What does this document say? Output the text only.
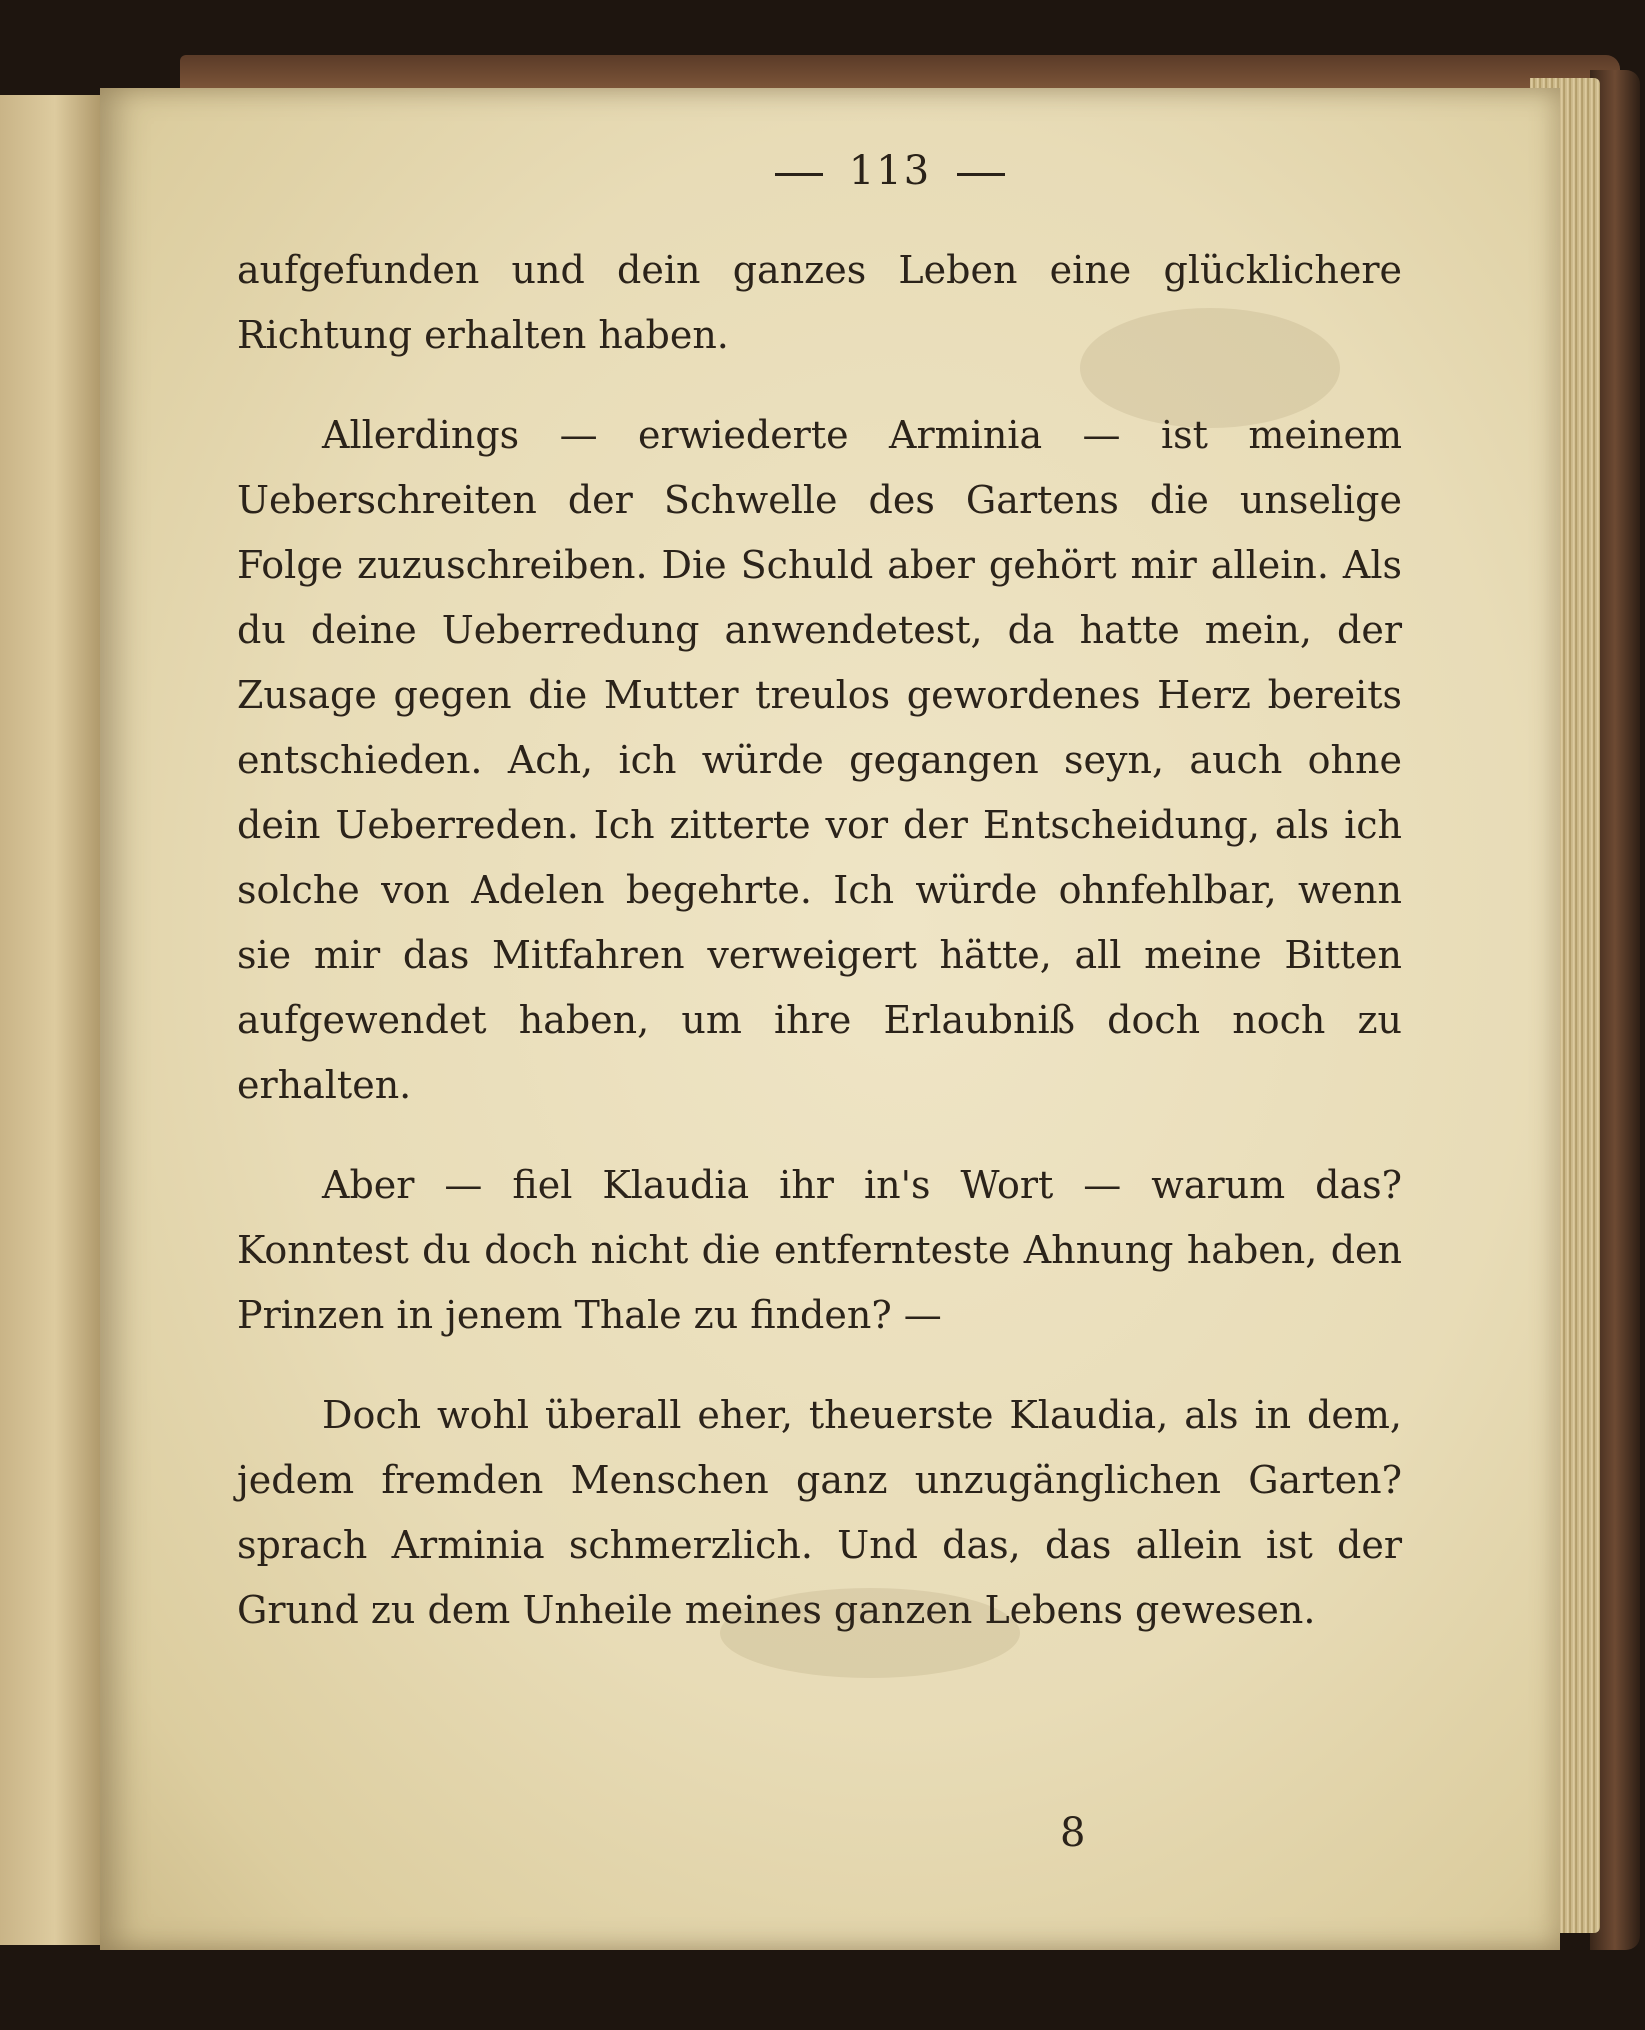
113

aufgefunden und dein ganzes Leben eine glücklichere Richtung erhalten haben.

Allerdings — erwiederte Arminia — ist meinem Ueberschreiten der Schwelle des Gartens die unselige Folge zuzuschreiben. Die Schuld aber gehört mir allein. Als du deine Ueberredung anwendetest, da hatte mein, der Zusage gegen die Mutter treulos gewordenes Herz bereits entschieden. Ach, ich würde gegangen seyn, auch ohne dein Ueberreden. Ich zitterte vor der Entscheidung, als ich solche von Adelen begehrte. Ich würde ohnfehlbar, wenn sie mir das Mitfahren verweigert hätte, all meine Bitten aufgewendet haben, um ihre Erlaubniß doch noch zu erhalten.

Aber — fiel Klaudia ihr in's Wort — warum das? Konntest du doch nicht die entfernteste Ahnung haben, den Prinzen in jenem Thale zu finden? —

Doch wohl überall eher, theuerste Klaudia, als in dem, jedem fremden Menschen ganz unzugänglichen Garten? sprach Arminia schmerzlich. Und das, das allein ist der Grund zu dem Unheile meines ganzen Lebens gewesen.

8
